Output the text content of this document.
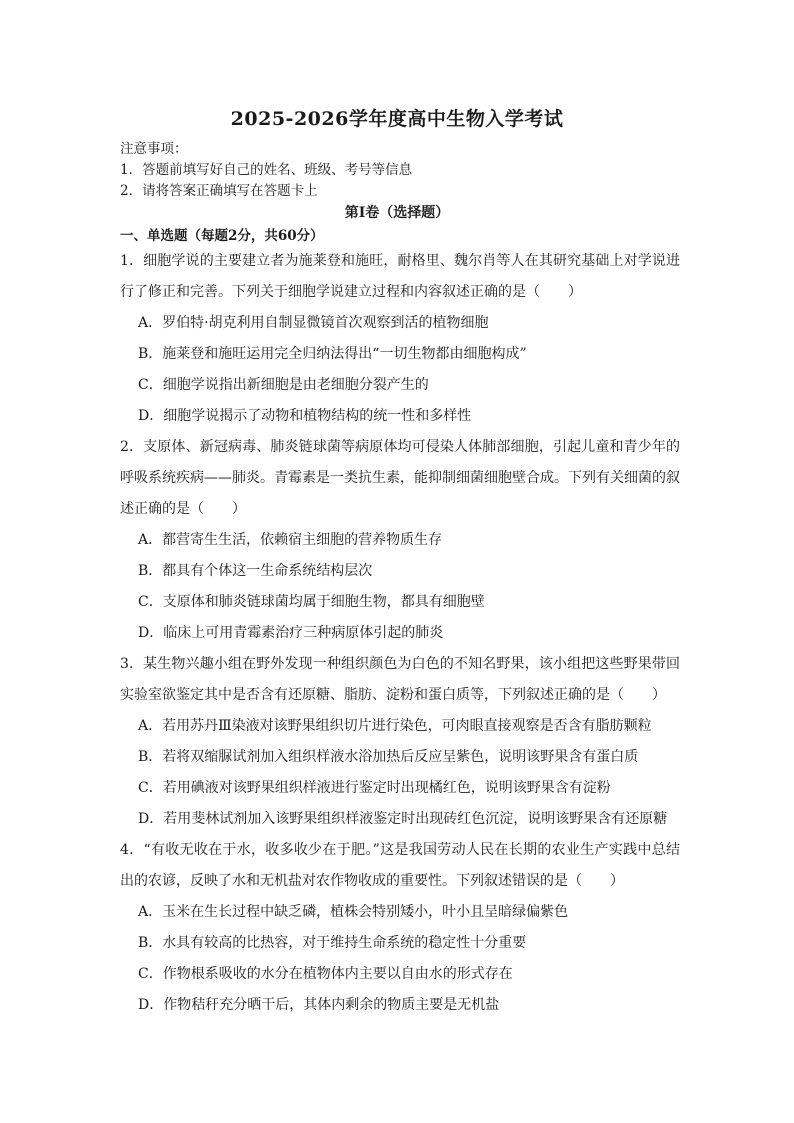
2025-2026学年度高中生物入学考试
注意事项：
1．答题前填写好自己的姓名、班级、考号等信息
2．请将答案正确填写在答题卡上
第I卷（选择题）
一、单选题（每题2分，共60分）
1．细胞学说的主要建立者为施莱登和施旺，耐格里、魏尔肖等人在其研究基础上对学说进行了修正和完善。下列关于细胞学说建立过程和内容叙述正确的是（　　）
A．罗伯特·胡克利用自制显微镜首次观察到活的植物细胞
B．施莱登和施旺运用完全归纳法得出“一切生物都由细胞构成”
C．细胞学说指出新细胞是由老细胞分裂产生的
D．细胞学说揭示了动物和植物结构的统一性和多样性
2．支原体、新冠病毒、肺炎链球菌等病原体均可侵染人体肺部细胞，引起儿童和青少年的呼吸系统疾病——肺炎。青霉素是一类抗生素，能抑制细菌细胞壁合成。下列有关细菌的叙述正确的是（　　）
A．都营寄生生活，依赖宿主细胞的营养物质生存
B．都具有个体这一生命系统结构层次
C．支原体和肺炎链球菌均属于细胞生物，都具有细胞壁
D．临床上可用青霉素治疗三种病原体引起的肺炎
3．某生物兴趣小组在野外发现一种组织颜色为白色的不知名野果，该小组把这些野果带回实验室欲鉴定其中是否含有还原糖、脂肪、淀粉和蛋白质等，下列叙述正确的是（　　）
A．若用苏丹Ⅲ染液对该野果组织切片进行染色，可肉眼直接观察是否含有脂肪颗粒
B．若将双缩脲试剂加入组织样液水浴加热后反应呈紫色，说明该野果含有蛋白质
C．若用碘液对该野果组织样液进行鉴定时出现橘红色，说明该野果含有淀粉
D．若用斐林试剂加入该野果组织样液鉴定时出现砖红色沉淀，说明该野果含有还原糖
4．“有收无收在于水，收多收少在于肥。”这是我国劳动人民在长期的农业生产实践中总结出的农谚，反映了水和无机盐对农作物收成的重要性。下列叙述错误的是（　　）
A．玉米在生长过程中缺乏磷，植株会特别矮小，叶小且呈暗绿偏紫色
B．水具有较高的比热容，对于维持生命系统的稳定性十分重要
C．作物根系吸收的水分在植物体内主要以自由水的形式存在
D．作物秸秆充分晒干后，其体内剩余的物质主要是无机盐
